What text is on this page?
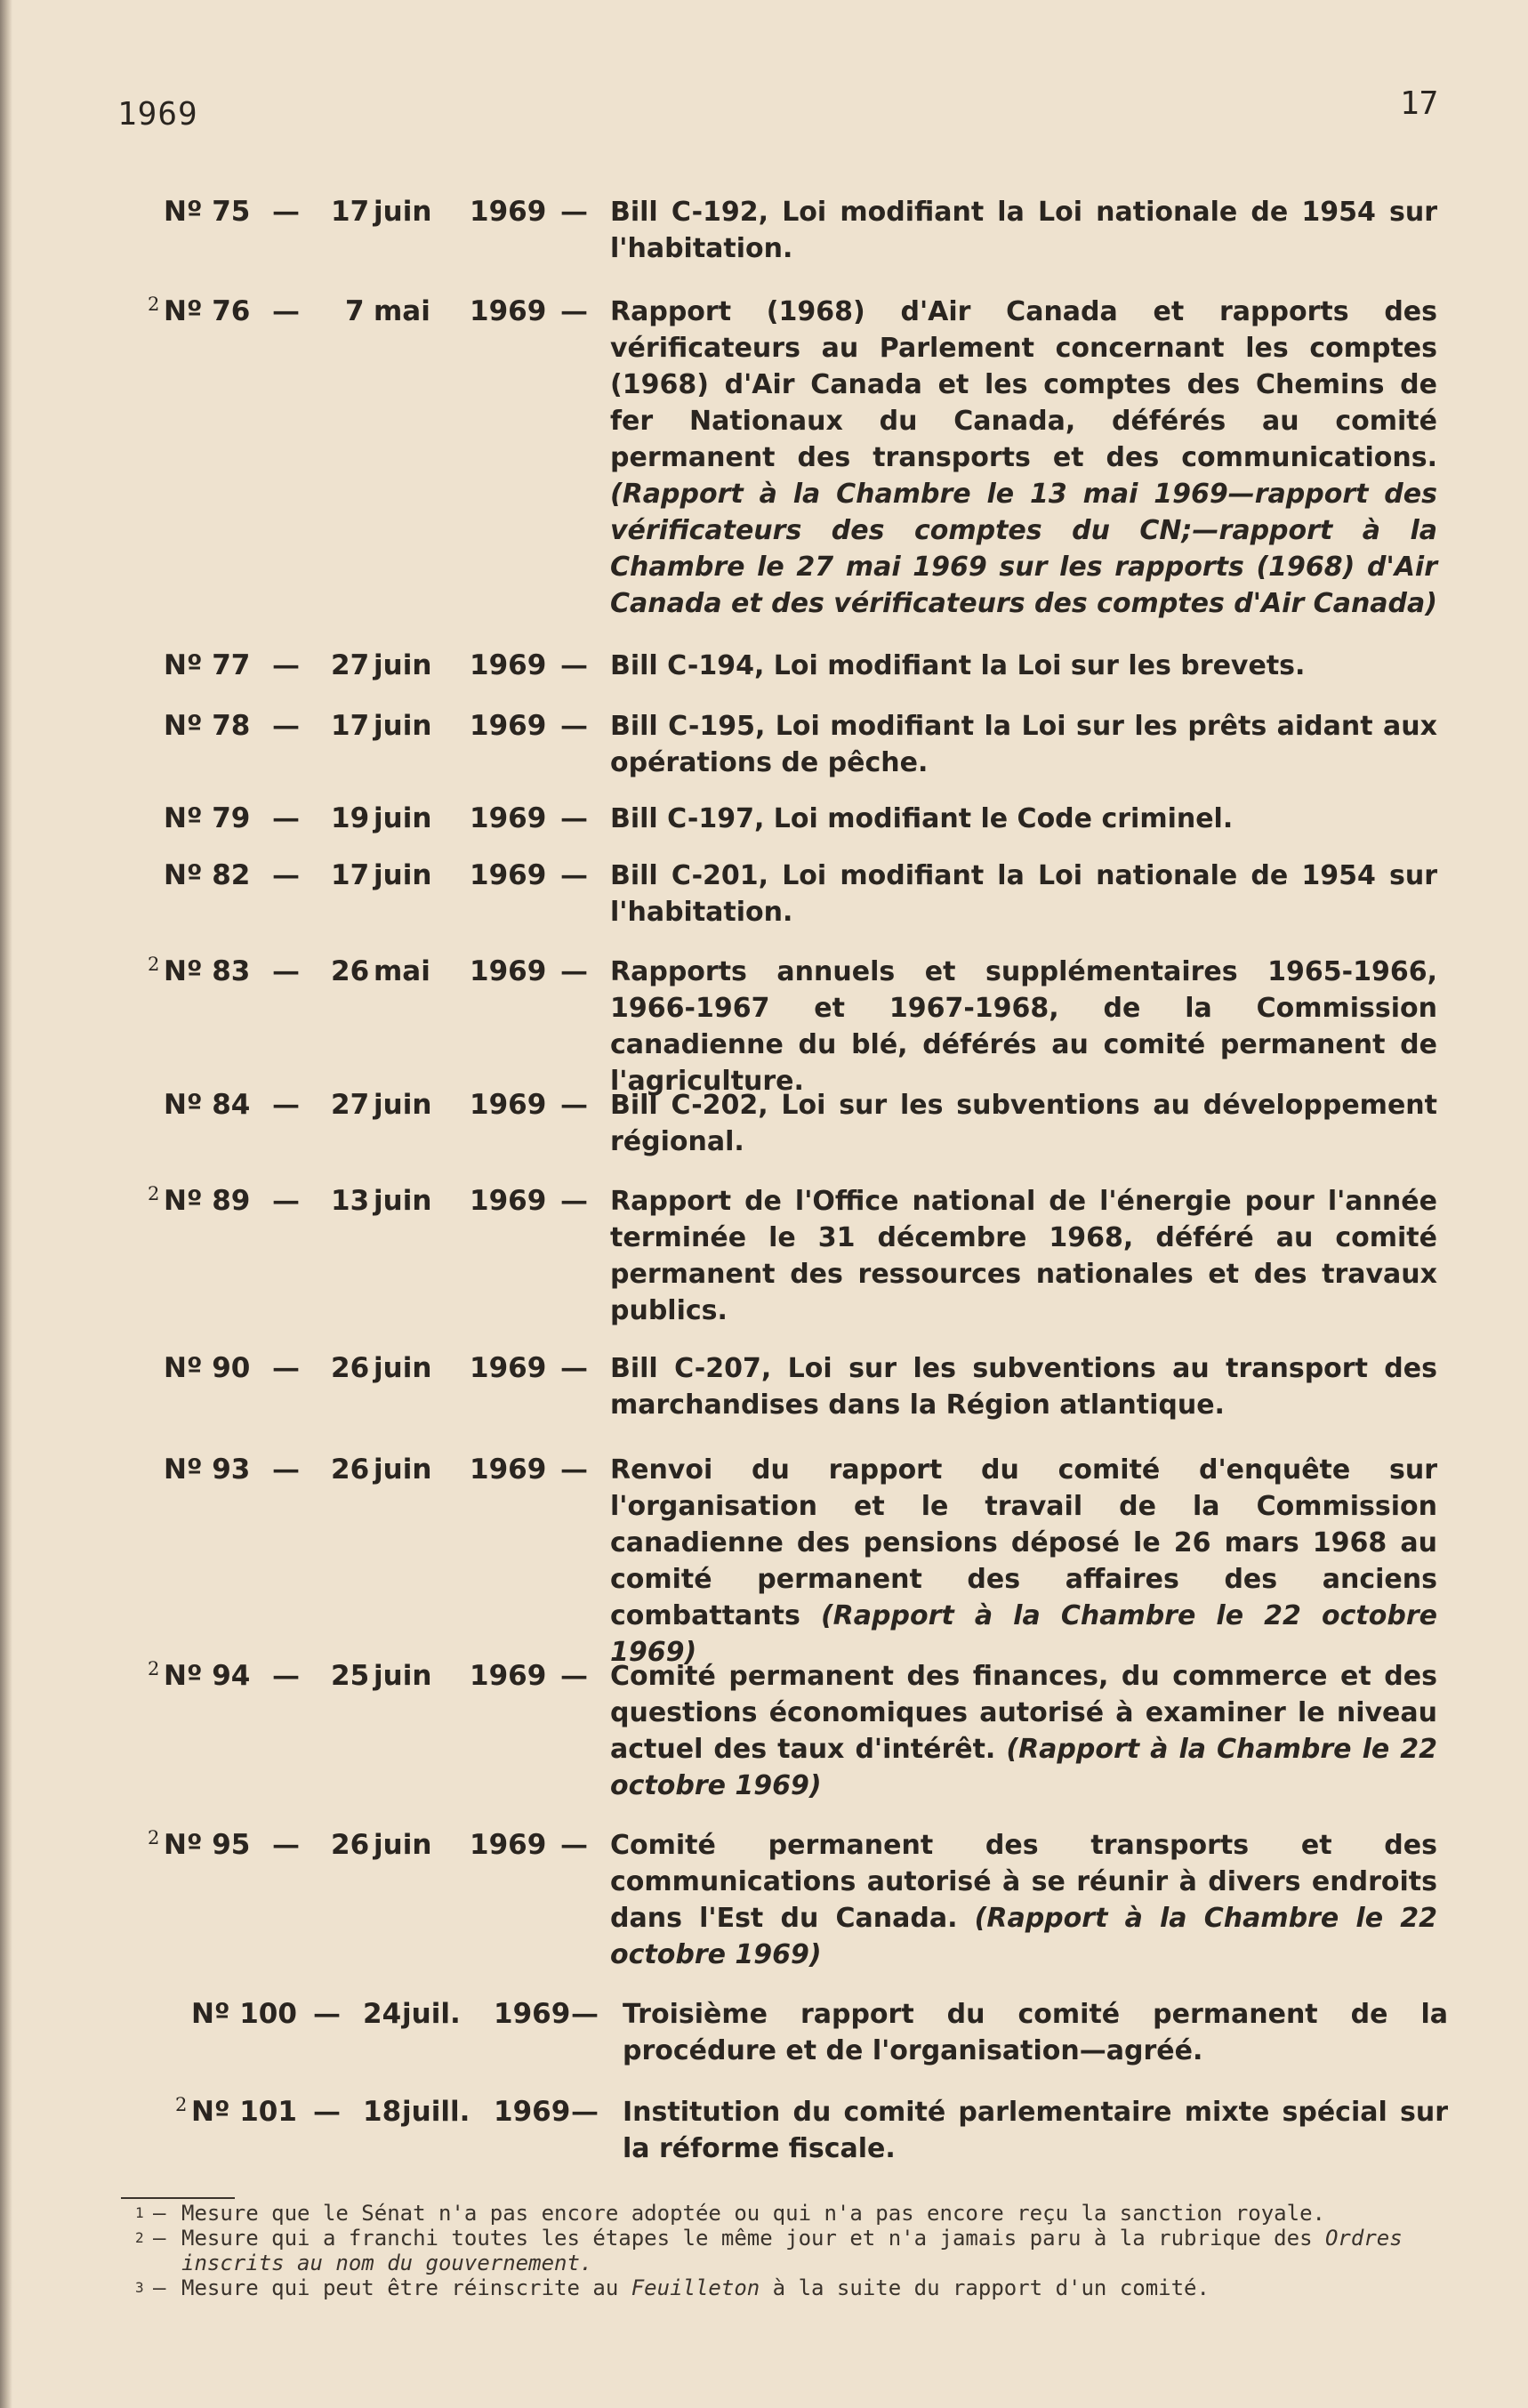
1969	17
Nº 75 — 17 juin 1969 — Bill C-192, Loi modifiant la Loi nationale de 1954 sur l'habitation.
2 Nº 76 — 7 mai 1969 — Rapport (1968) d'Air Canada et rapports des vérificateurs au Parlement concernant les comptes (1968) d'Air Canada et les comptes des Chemins de fer Nationaux du Canada, déférés au comité permanent des transports et des communications. (Rapport à la Chambre le 13 mai 1969—rapport des vérificateurs des comptes du CN;—rapport à la Chambre le 27 mai 1969 sur les rapports (1968) d'Air Canada et des vérificateurs des comptes d'Air Canada)
Nº 77 — 27 juin 1969 — Bill C-194, Loi modifiant la Loi sur les brevets.
Nº 78 — 17 juin 1969 — Bill C-195, Loi modifiant la Loi sur les prêts aidant aux opérations de pêche.
Nº 79 — 19 juin 1969 — Bill C-197, Loi modifiant le Code criminel.
Nº 82 — 17 juin 1969 — Bill C-201, Loi modifiant la Loi nationale de 1954 sur l'habitation.
2 Nº 83 — 26 mai 1969 — Rapports annuels et supplémentaires 1965-1966, 1966-1967 et 1967-1968, de la Commission canadienne du blé, déférés au comité permanent de l'agriculture.
Nº 84 — 27 juin 1969 — Bill C-202, Loi sur les subventions au développement régional.
2 Nº 89 — 13 juin 1969 — Rapport de l'Office national de l'énergie pour l'année terminée le 31 décembre 1968, déféré au comité permanent des ressources nationales et des travaux publics.
Nº 90 — 26 juin 1969 — Bill C-207, Loi sur les subventions au transport des marchandises dans la Région atlantique.
Nº 93 — 26 juin 1969 — Renvoi du rapport du comité d'enquête sur l'organisation et le travail de la Commission canadienne des pensions déposé le 26 mars 1968 au comité permanent des affaires des anciens combattants (Rapport à la Chambre le 22 octobre 1969)
2 Nº 94 — 25 juin 1969 — Comité permanent des finances, du commerce et des questions économiques autorisé à examiner le niveau actuel des taux d'intérêt. (Rapport à la Chambre le 22 octobre 1969)
2 Nº 95 — 26 juin 1969 — Comité permanent des transports et des communications autorisé à se réunir à divers endroits dans l'Est du Canada. (Rapport à la Chambre le 22 octobre 1969)
Nº 100 — 24 juil. 1969 — Troisième rapport du comité permanent de la procédure et de l'organisation—agréé.
2 Nº 101 — 18 juill. 1969 — Institution du comité parlementaire mixte spécial sur la réforme fiscale.
1 — Mesure que le Sénat n'a pas encore adoptée ou qui n'a pas encore reçu la sanction royale.
2 — Mesure qui a franchi toutes les étapes le même jour et n'a jamais paru à la rubrique des Ordres inscrits au nom du gouvernement.
3 — Mesure qui peut être réinscrite au Feuilleton à la suite du rapport d'un comité.
